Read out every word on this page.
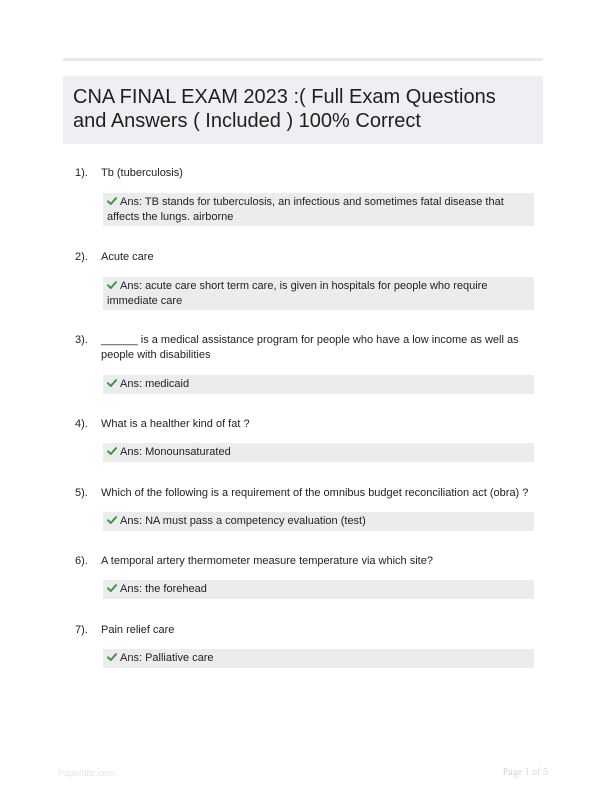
CNA FINAL EXAM 2023 :( Full Exam Questions
and Answers ( Included ) 100% Correct
1). Tb (tuberculosis)
Ans: TB stands for tuberculosis, an infectious and sometimes fatal disease that affects the lungs. airborne
2). Acute care
Ans: acute care short term care, is given in hospitals for people who require immediate care
3). ______ is a medical assistance program for people who have a low income as well as people with disabilities
Ans: medicaid
4). What is a healther kind of fat ?
Ans: Monounsaturated
5). Which of the following is a requirement of the omnibus budget reconciliation act (obra) ?
Ans: NA must pass a competency evaluation (test)
6). A temporal artery thermometer measure temperature via which site?
Ans: the forehead
7). Pain relief care
Ans: Palliative care
Papertific.com	Page 1 of 5
